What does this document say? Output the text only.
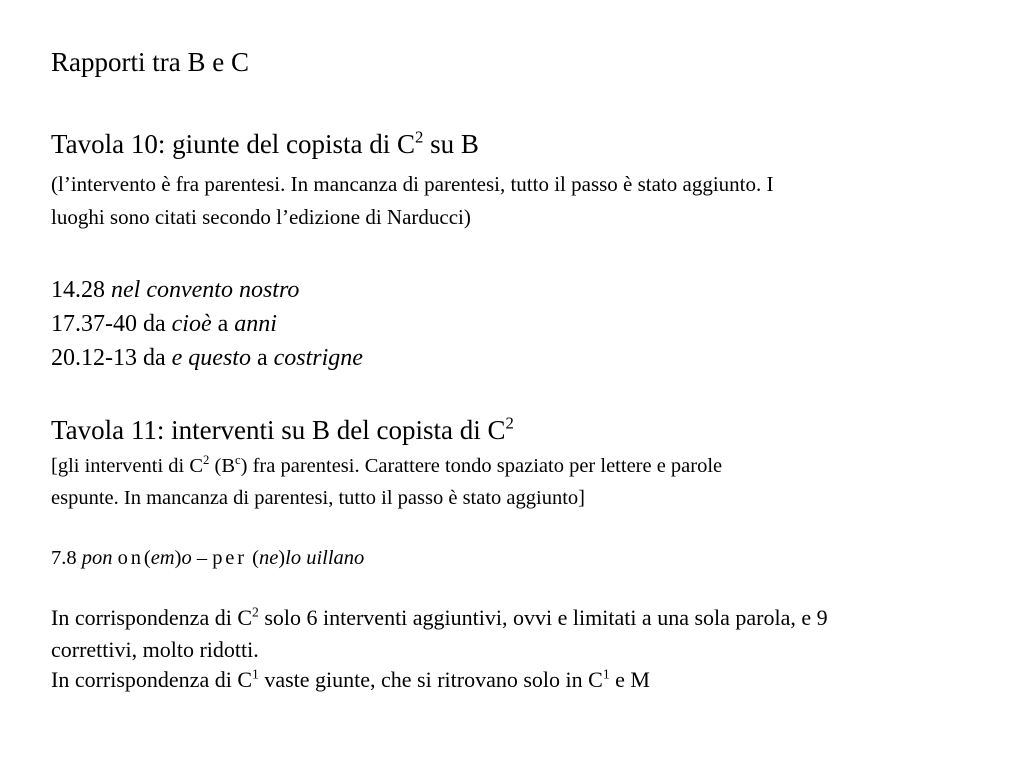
Rapporti tra B e C
Tavola 10: giunte del copista di $C^2$ su B
(l’intervento è fra parentesi. In mancanza di parentesi, tutto il passo è stato aggiunto. I
luoghi sono citati secondo l’edizione di Narducci)
14.28 nel convento nostro
17.37-40 da cioè a anni
20.12-13 da e questo a costrigne
Tavola 11: interventi su B del copista di $C^2$
[gli interventi di $C^2$ $(B^c)$ fra parentesi. Carattere tondo spaziato per lettere e parole
espunte. In mancanza di parentesi, tutto il passo è stato aggiunto]
7.8 pon on(em)o – per (ne)lo uillano
In corrispondenza di $C^2$ solo 6 interventi aggiuntivi, ovvi e limitati a una sola parola, e 9
correttivi, molto ridotti.
In corrispondenza di $C^1$ vaste giunte, che si ritrovano solo in $C^1$ e M
